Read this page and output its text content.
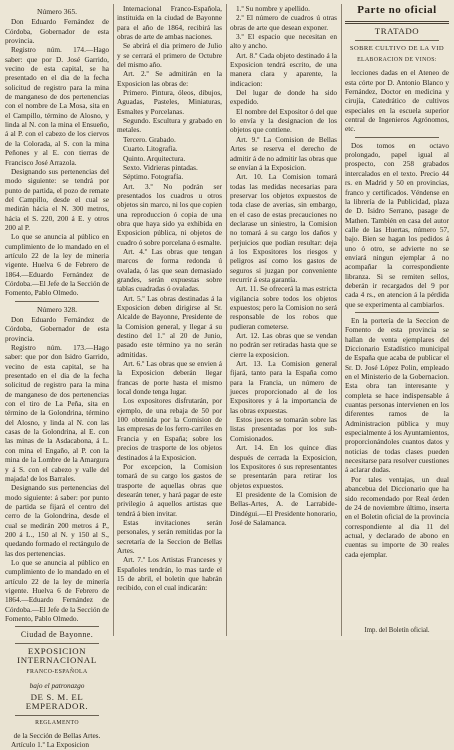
Número 365.

Don Eduardo Fernández de Córdoba, Gobernador de esta provincia.

Registro núm. 174.—Hago saber: que por D. José Garrido, vecino de esta capital, se ha presentado en el dia de la fecha solicitud de registro para la mina de manganeso de dos pertenencias con el nombre de La Mosa, sita en el Campillo, término de Alosno, y linda al N. con la mina el Ensueño, á al P. con el cabezo de los ciervos de la Colorada, al S. con la mina Peñones y al E. con tierras de Francisco José Arrazola.

Designando sus pertenencias del modo siguiente: se tendrá por punto de partida, el pozo de remate del Campillo, desde el cual se medirán hácia el N. 300 metros, hácia el S. 220, 200 á E. y otros 200 al P.

Lo que se anuncia al público en cumplimiento de lo mandado en el artículo 22 de la ley de mineria vigente. Huelva 6 de Febrero de 1864.—Eduardo Fernández de Córdoba.—El Jefe de la Sección de Fomento, Pablo Olmedo.

Número 328.

Don Eduardo Fernández de Córdoba, Gobernador de esta provincia.

Registro núm. 173.—Hago saber: que por don Isidro Garrido, vecino de esta capital, se ha presentado en el dia de la fecha solicitud de registro para la mina de manganeso de dos pertenencias con el tiro de La Peña, sita en término de la Golondrina, término del Alosno, y linda al N. con las casas de la Golondrina, al E. con las minas de la Asdacabona, á L. con mina el Engaño, al P. con la mina de la Lombre de la Amargura y á S. con el cabezo y valle del majada! de los Barrales.

Designando sus pertenencias del modo siguiente: á saber: por punto de partida se fijará el centro del cerro de la Golondrina, desde el cual se medirán 200 metros á P., 200 á L., 150 al N. y 150 al S., quedando formado el rectángulo de las dos pertenencias.

Lo que se anuncia al público en cumplimiento de lo mandado en el artículo 22 de la ley de minería vigente. Huelva 6 de Febrero de 1864.—Eduardo Fernández de Córdoba.—El Jefe de la Sección de Fomento, Pablo Olmedo.

Ciudad de Bayonne.
EXPOSICION INTERNACIONAL
FRANCO-ESPAÑOLA
bajo el patronazgo
DE S. M. EL EMPERADOR.
REGLAMENTO
de la Sección de Bellas Artes.

Artículo 1.º La Exposicion

Internacional Franco-Española, instituida en la ciudad de Bayonne para el año de 1864, recibirá las obras de arte de ambas naciones.

Se abrirá el dia primero de Julio y se cerrará el primero de Octubre del mismo año.

Art. 2.º Se admitirán en la Exposicion las obras de:

Primero. Pintura, óleos, dibujos, Aguadas, Pasteles, Miniaturas, Esmaltes y Porcelanas.

Segundo. Escultura y grabado en metales.

Tercero. Grabado.

Cuarto. Litografía.

Quinto. Arquitectura.

Sexto. Vidrieras pintadas.

Séptimo. Fotografía.

Art. 3.º No podrán ser presentados los cuadros u otros objetos sin marco, ni los que copien una reproduccion ó copia de una obra que haya sido ya exhibida en Exposicion pública, ni objetos de cuadro ó sobre porcelana ó esmalte.

Art. 4.º Las obras que tengan marcos de forma redonda ú ovalada, ó las que sean demasiado grandes, serán expuestas sobre tablas cuadradas ó ovaladas.

Art. 5.º Las obras destinadas á la Exposicion deben dirigirse al Sr. Alcalde de Bayonne, Presidente de la Comision general, y llegar á su destino del 1.º al 20 de Junio, pasado este término ya no serán admitidas.

Art. 6.º Las obras que se envien á la Exposicion deberán llegar francas de porte hasta el mismo local donde tenga lugar.

Los expositores disfrutarán, por ejemplo, de una rebaja de 50 por 100 obtenida por la Comision de las empresas de los ferro-carriles en Francia y en España; sobre los precios de trasporte de los objetos destinados á la Exposicion.

Por excepcion, la Comision tomará de su cargo los gastos de trasporte de aquellas obras que desearán tener, y hará pagar de este privilegio á aquellos artistas que tendrá á bien invitar.

Estas invitaciones serán personales, y serán remitidas por la secretaría de la Seccion de Bellas Artes.

Art. 7.º Los Artistas Franceses y Españoles tendrán, lo mas tarde el 15 de abril, el boletin que habrán recibido, con el cual indicarán:

1.º Su nombre y apellido.

2.º El número de cuadros ú otras obras de arte que desean exponer.

3.º El espacio que necesitan en alto y ancho.

Art. 8.º Cada objeto destinado á la Exposicion tendrá escrito, de una manera clara y aparente, la indicacion:

Del lugar de donde ha sido expedido.

El nombre del Expositor ó del que lo envía y la designacion de los objetos que contiene.

Art. 9.º La Comision de Bellas Artes se reserva el derecho de admitir á de no admitir las obras que se envían á la Exposicion.

Art. 10. La Comision tomará todas las medidas necesarias para preservar los objetos expuestos de toda clase de averias, sin embargo, en el caso de estas precauciones no declarase un siniestro, la Comision no tomará á su cargo los daños y perjuicios que podían resultar: deja á los Expositores los riesgos y peligros así como los gastos de seguros si juzgan por conveniente recurrir á esta garantía.

Art. 11. Se ofrecerá la mas estricta vigilancia sobre todos los objetos expuestos; pero la Comision no será responsable de los robos que pudieran cometerse.

Art. 12. Las obras que se vendan no podrán ser retiradas hasta que se cierre la exposicion.

Art. 13. La Comision general fijará, tanto para la España como para la Francia, un número de jueces proporcionado al de los Expositores y á la importancia de las obras expuestas.

Estos jueces se tomarán sobre las listas presentadas por los sub-Comisionados.

Art. 14. En los quince dias después de cerrada la Exposicion, los Expositores ó sus representantes se presentarán para retirar los objetos expuestos.

El presidente de la Comision de Bellas-Artes, A. de Larrabide-Dindégui.—El Presidente honorario, José de Salamanca.

Parte no oficial
TRATADO
SOBRE CULTIVO DE LA VID
ELABORACION DE VINOS:

lecciones dadas en el Ateneo de esta córte por D. Antonio Blanco y Fernández, Doctor en medicina y cirujía, Catedrático de cultivos especiales en la escuela superior central de Ingenieros Agrónomos, etc.

Dos tomos en octavo prolongado, papel igual al prospecto, con 258 grabados intercalados en el texto. Precio 44 rs. en Madrid y 50 en provincias, franco y certificados. Véndense en la librería de la Publicidad, plaza de D. Isidro Serrano, pasage de Mathen. También en casa del autor calle de las Huertas, número 57, bajo. Bien se hagan los pedidos á uno ó otro, se advierte no se enviará ningun ejemplar á no acompañar la correspondiente libranza. Si se remiten sellos, deberán ir recargados del 9 por cada 4 rs., en atencion á la pérdida que se experimenta al cambiarlos.

En la portería de la Seccion de Fomento de esta provincia se hallan de venta ejemplares del Diccionario Estadístico municipal de España que acaba de publicar el Sr. D. José López Polin, empleado en el Ministerio de la Gobernacion. Esta obra tan interesante y completa se hace indispensable á cuantas personas intervienen en los diferentes ramos de la Administracion pública y muy especialmente á los Ayuntamientos, proporcionándoles cuantos datos y noticias de todas clases pueden necesitarse para resolver cuestiones á aclarar dudas.

Por tales ventajas, un dual abancebua del Diccionario que ha sido recomendado por Real órden de 24 de noviembre último, inserta en el Boletin oficial de la provincia correspondiente al dia 11 del actual, y declarado de abono en cuentas su importe de 30 reales cada ejemplar.

Imp. del Boletín oficial.
